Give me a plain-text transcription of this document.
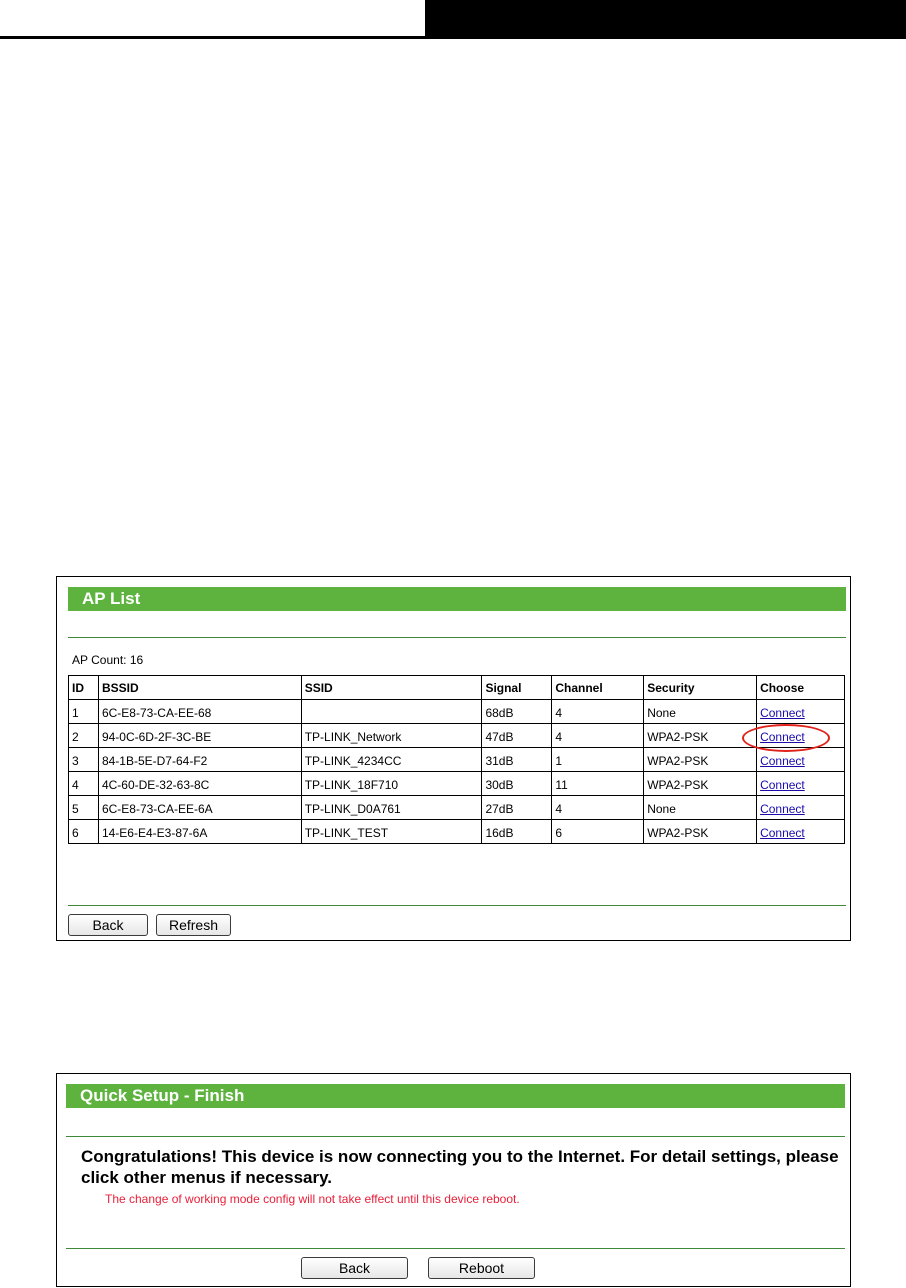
AP List
AP Count: 16
ID	BSSID	SSID	Signal	Channel	Security	Choose
1	6C-E8-73-CA-EE-68		68dB	4	None	Connect
2	94-0C-6D-2F-3C-BE	TP-LINK_Network	47dB	4	WPA2-PSK	Connect
3	84-1B-5E-D7-64-F2	TP-LINK_4234CC	31dB	1	WPA2-PSK	Connect
4	4C-60-DE-32-63-8C	TP-LINK_18F710	30dB	11	WPA2-PSK	Connect
5	6C-E8-73-CA-EE-6A	TP-LINK_D0A761	27dB	4	None	Connect
6	14-E6-E4-E3-87-6A	TP-LINK_TEST	16dB	6	WPA2-PSK	Connect
Back	Refresh
Quick Setup - Finish
Congratulations! This device is now connecting you to the Internet. For detail settings, please click other menus if necessary.
The change of working mode config will not take effect until this device reboot.
Back	Reboot
